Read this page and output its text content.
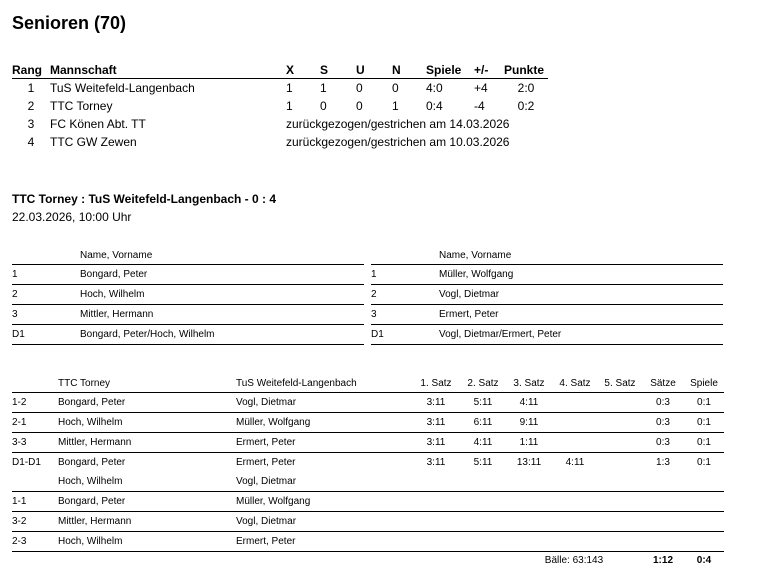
Senioren (70)
Rang	Mannschaft	X	S	U	N	Spiele	+/-	Punkte
1	TuS Weitefeld-Langenbach	1	1	0	0	4:0	+4	2:0
2	TTC Torney	1	0	0	1	0:4	-4	0:2
3	FC Könen Abt. TT	zurückgezogen/gestrichen am 14.03.2026						
4	TTC GW Zewen	zurückgezogen/gestrichen am 10.03.2026						
TTC Torney : TuS Weitefeld-Langenbach - 0 : 4
22.03.2026, 10:00 Uhr
	Name, Vorname
1	Bongard, Peter
2	Hoch, Wilhelm
3	Mittler, Hermann
D1	Bongard, Peter/Hoch, Wilhelm
	Name, Vorname
1	Müller, Wolfgang
2	Vogl, Dietmar
3	Ermert, Peter
D1	Vogl, Dietmar/Ermert, Peter
	TTC Torney	TuS Weitefeld-Langenbach	1. Satz	2. Satz	3. Satz	4. Satz	5. Satz	Sätze	Spiele
1-2	Bongard, Peter	Vogl, Dietmar	3:11	5:11	4:11			0:3	0:1
2-1	Hoch, Wilhelm	Müller, Wolfgang	3:11	6:11	9:11			0:3	0:1
3-3	Mittler, Hermann	Ermert, Peter	3:11	4:11	1:11			0:3	0:1
D1-D1	Bongard, Peter	Ermert, Peter	3:11	5:11	13:11	4:11		1:3	0:1
	Hoch, Wilhelm	Vogl, Dietmar							
1-1	Bongard, Peter	Müller, Wolfgang							
3-2	Mittler, Hermann	Vogl, Dietmar							
2-3	Hoch, Wilhelm	Ermert, Peter							
					Bälle: 63:143			1:12	0:4
